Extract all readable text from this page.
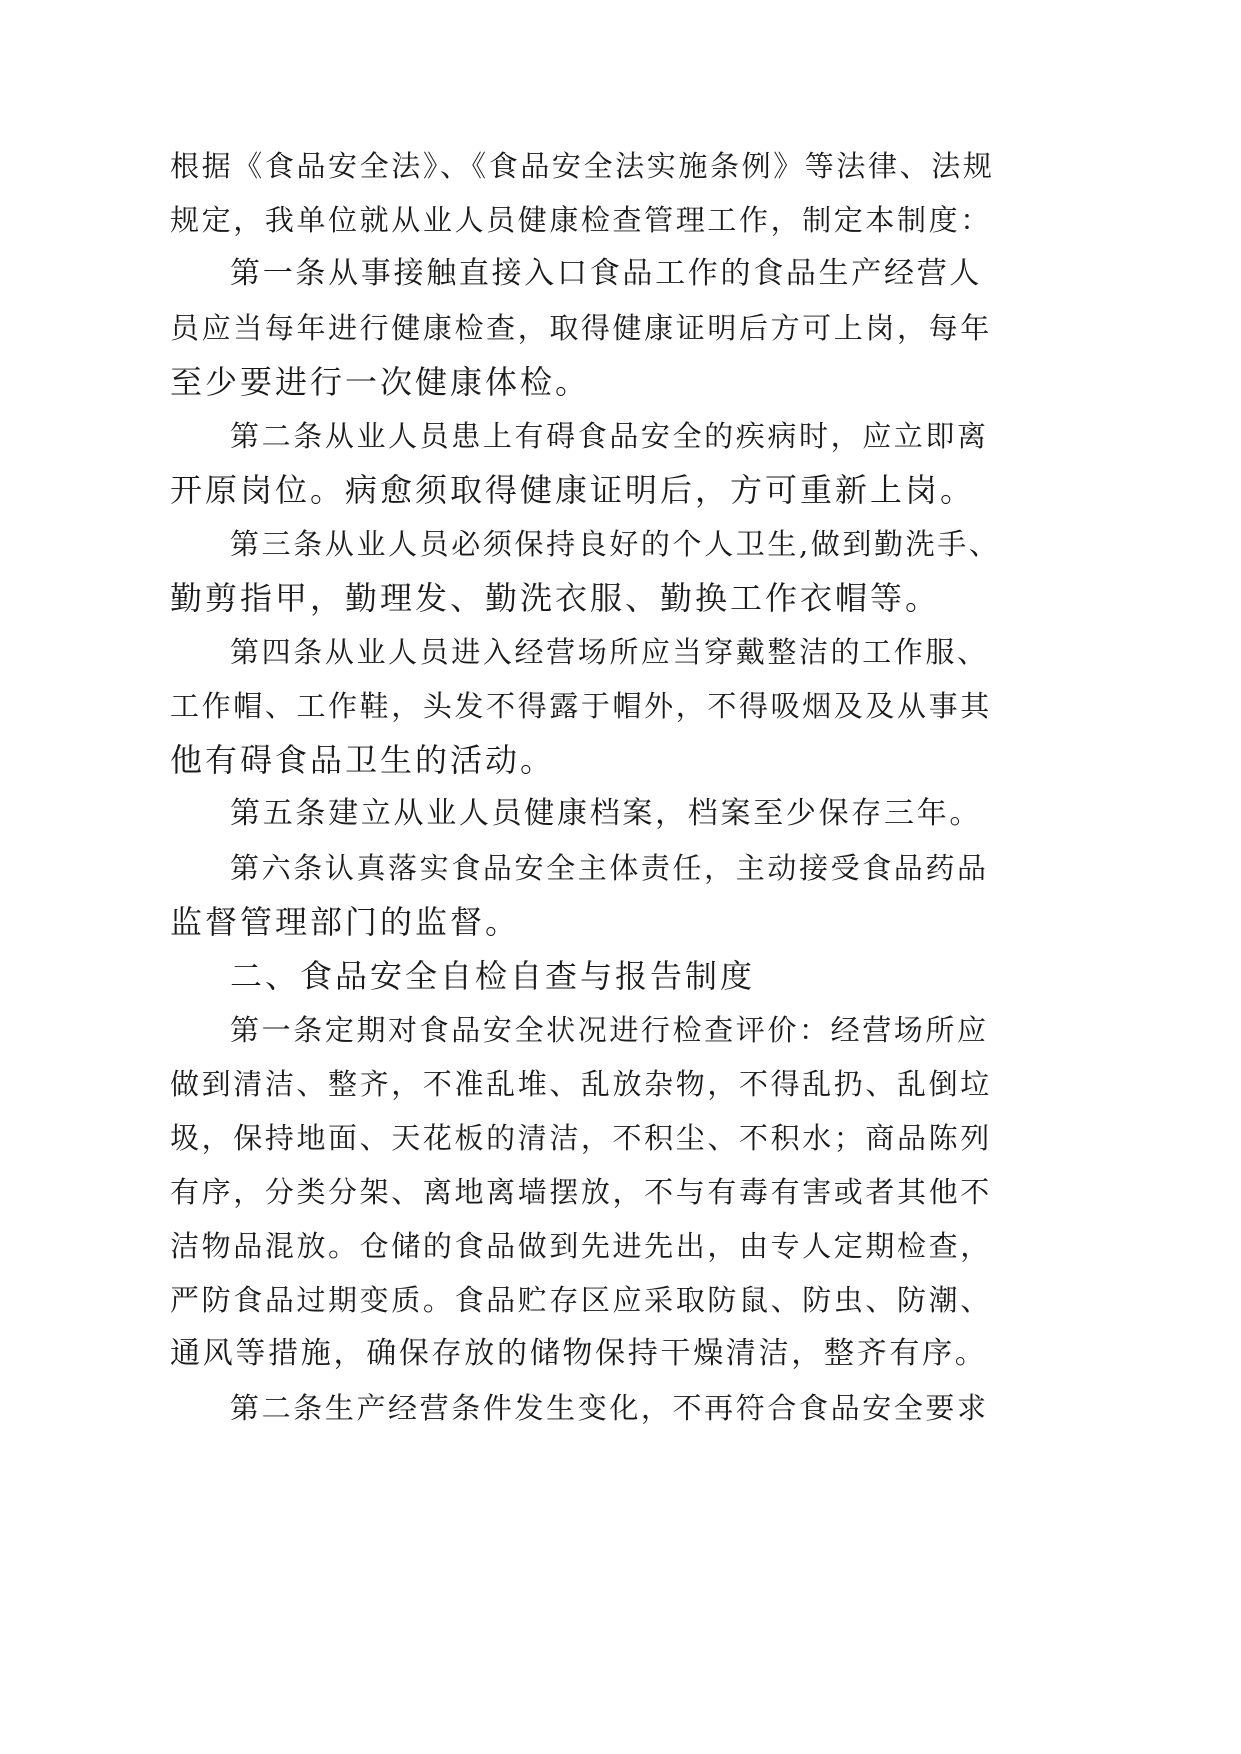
根据《食品安全法》、《食品安全法实施条例》等法律、法规
规定，我单位就从业人员健康检查管理工作，制定本制度：
第一条从事接触直接入口食品工作的食品生产经营人
员应当每年进行健康检查，取得健康证明后方可上岗，每年
至少要进行一次健康体检。
第二条从业人员患上有碍食品安全的疾病时，应立即离
开原岗位。病愈须取得健康证明后，方可重新上岗。
第三条从业人员必须保持良好的个人卫生,做到勤洗手、
勤剪指甲，勤理发、勤洗衣服、勤换工作衣帽等。
第四条从业人员进入经营场所应当穿戴整洁的工作服、
工作帽、工作鞋，头发不得露于帽外，不得吸烟及及从事其
他有碍食品卫生的活动。
第五条建立从业人员健康档案，档案至少保存三年。
第六条认真落实食品安全主体责任，主动接受食品药品
监督管理部门的监督。
二、食品安全自检自查与报告制度
第一条定期对食品安全状况进行检查评价：经营场所应
做到清洁、整齐，不准乱堆、乱放杂物，不得乱扔、乱倒垃
圾，保持地面、天花板的清洁，不积尘、不积水；商品陈列
有序，分类分架、离地离墙摆放，不与有毒有害或者其他不
洁物品混放。仓储的食品做到先进先出，由专人定期检查，
严防食品过期变质。食品贮存区应采取防鼠、防虫、防潮、
通风等措施，确保存放的储物保持干燥清洁，整齐有序。
第二条生产经营条件发生变化，不再符合食品安全要求
